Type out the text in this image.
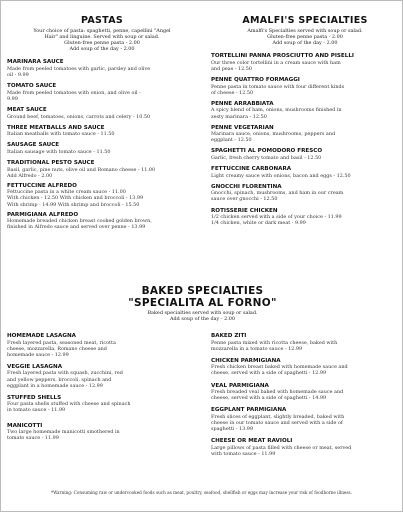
PASTAS
Your choice of pasta: spaghetti, penne, capellini "Angel
Hair" and linguine. Served with soup or salad.
Gluten-free penne pasta - 2.00
Add soup of the day - 2.00
MARINARA SAUCE
Made from peeled tomatoes with garlic, parsley and olive
oil - 9.99
TOMATO SAUCE
Made from peeled tomatoes with onion, and olive oil -
9.99
MEAT SAUCE
Ground beef, tomatoes, onions, carrots and celery - 10.50
THREE MEATBALLS AND SAUCE
Italian meatballs with tomato sauce - 11.50
SAUSAGE SAUCE
Italian sausage with tomato sauce - 11.50
TRADITIONAL PESTO SAUCE
Basil, garlic, pine nuts, olive oil and Romano cheese - 11.00
Add Alfredo - 2.00
FETTUCCINE ALFREDO
Fettuccine pasta in a white cream sauce - 11.00
With chicken - 12.50 With chicken and broccoli - 13.99
With shrimp - 14.99 With shrimp and broccoli - 15.50
PARMIGIANA ALFREDO
Homemade breaded chicken breast cooked golden brown,
finished in Alfredo sauce and served over penne - 13.99
AMALFI'S SPECIALTIES
Amalfi's Specialties served with soup or salad.
Gluten-free penne pasta - 2.00
Add soup of the day - 2.00
TORTELLINI PANNA PROSCIUTTO AND PISELLI
Our three color tortellini in a cream sauce with ham
and peas - 12.50
PENNE QUATTRO FORMAGGI
Penne pasta in tomato sauce with four different kinds
of cheese - 12.50
PENNE ARRABBIATA
A spicy blend of ham, onions, mushrooms finished in
zesty marinara - 12.50
PENNE VEGETARIAN
Marinara sauce, onions, mushrooms, peppers and
eggplant - 12.50
SPAGHETTI AL POMODORO FRESCO
Garlic, fresh cherry tomato and basil - 12.50
FETTUCCINE CARBONARA
Light creamy sauce with onions, bacon and eggs - 12.50
GNOCCHI FLORENTINA
Gnocchi, spinach, mushrooms, and ham in our cream
sauce over gnocchi - 12.50
ROTISSERIE CHICKEN
1/2 chicken served with a side of your choice - 11.99
1/4 chicken, white or dark meat - 9.99
BAKED SPECIALTIES
"SPECIALITA AL FORNO"
Baked specialties served with soup or salad.
Add soup of the day - 2.00
HOMEMADE LASAGNA
Fresh layered pasta, seasoned meat, ricotta
cheese, mozzarella, Romano cheese and
homemade sauce - 12.99
VEGGIE LASAGNA
Fresh layered pasta with squash, zucchini, red
and yellow peppers, broccoli, spinach and
eggplant in a homemade sauce - 12.99
STUFFED SHELLS
Four pasta shells stuffed with cheese and spinach
in tomato sauce - 11.99
MANICOTTI
Two large homemade manicotti smothered in
tomato sauce - 11.99
BAKED ZITI
Penne pasta mixed with ricotta cheese, baked with
mozzarella in a tomato sauce - 12.99
CHICKEN PARMIGIANA
Fresh chicken breast baked with homemade sauce and
cheese, served with a side of spaghetti - 12.99
VEAL PARMIGIANA
Fresh breaded veal baked with homemade sauce and
cheese, served with a side of spaghetti - 14.99
EGGPLANT PARMIGIANA
Fresh slices of eggplant, slightly breaded, baked with
cheese in our tomato sauce and served with a side of
spaghetti - 13.99
CHEESE OR MEAT RAVIOLI
Large pillows of pasta filled with cheese or meat, served
with tomato sauce - 11.99
*Warning: Consuming raw or undercooked foods such as meat, poultry, seafood, shellfish or eggs may increase your risk of foodborne illness.
